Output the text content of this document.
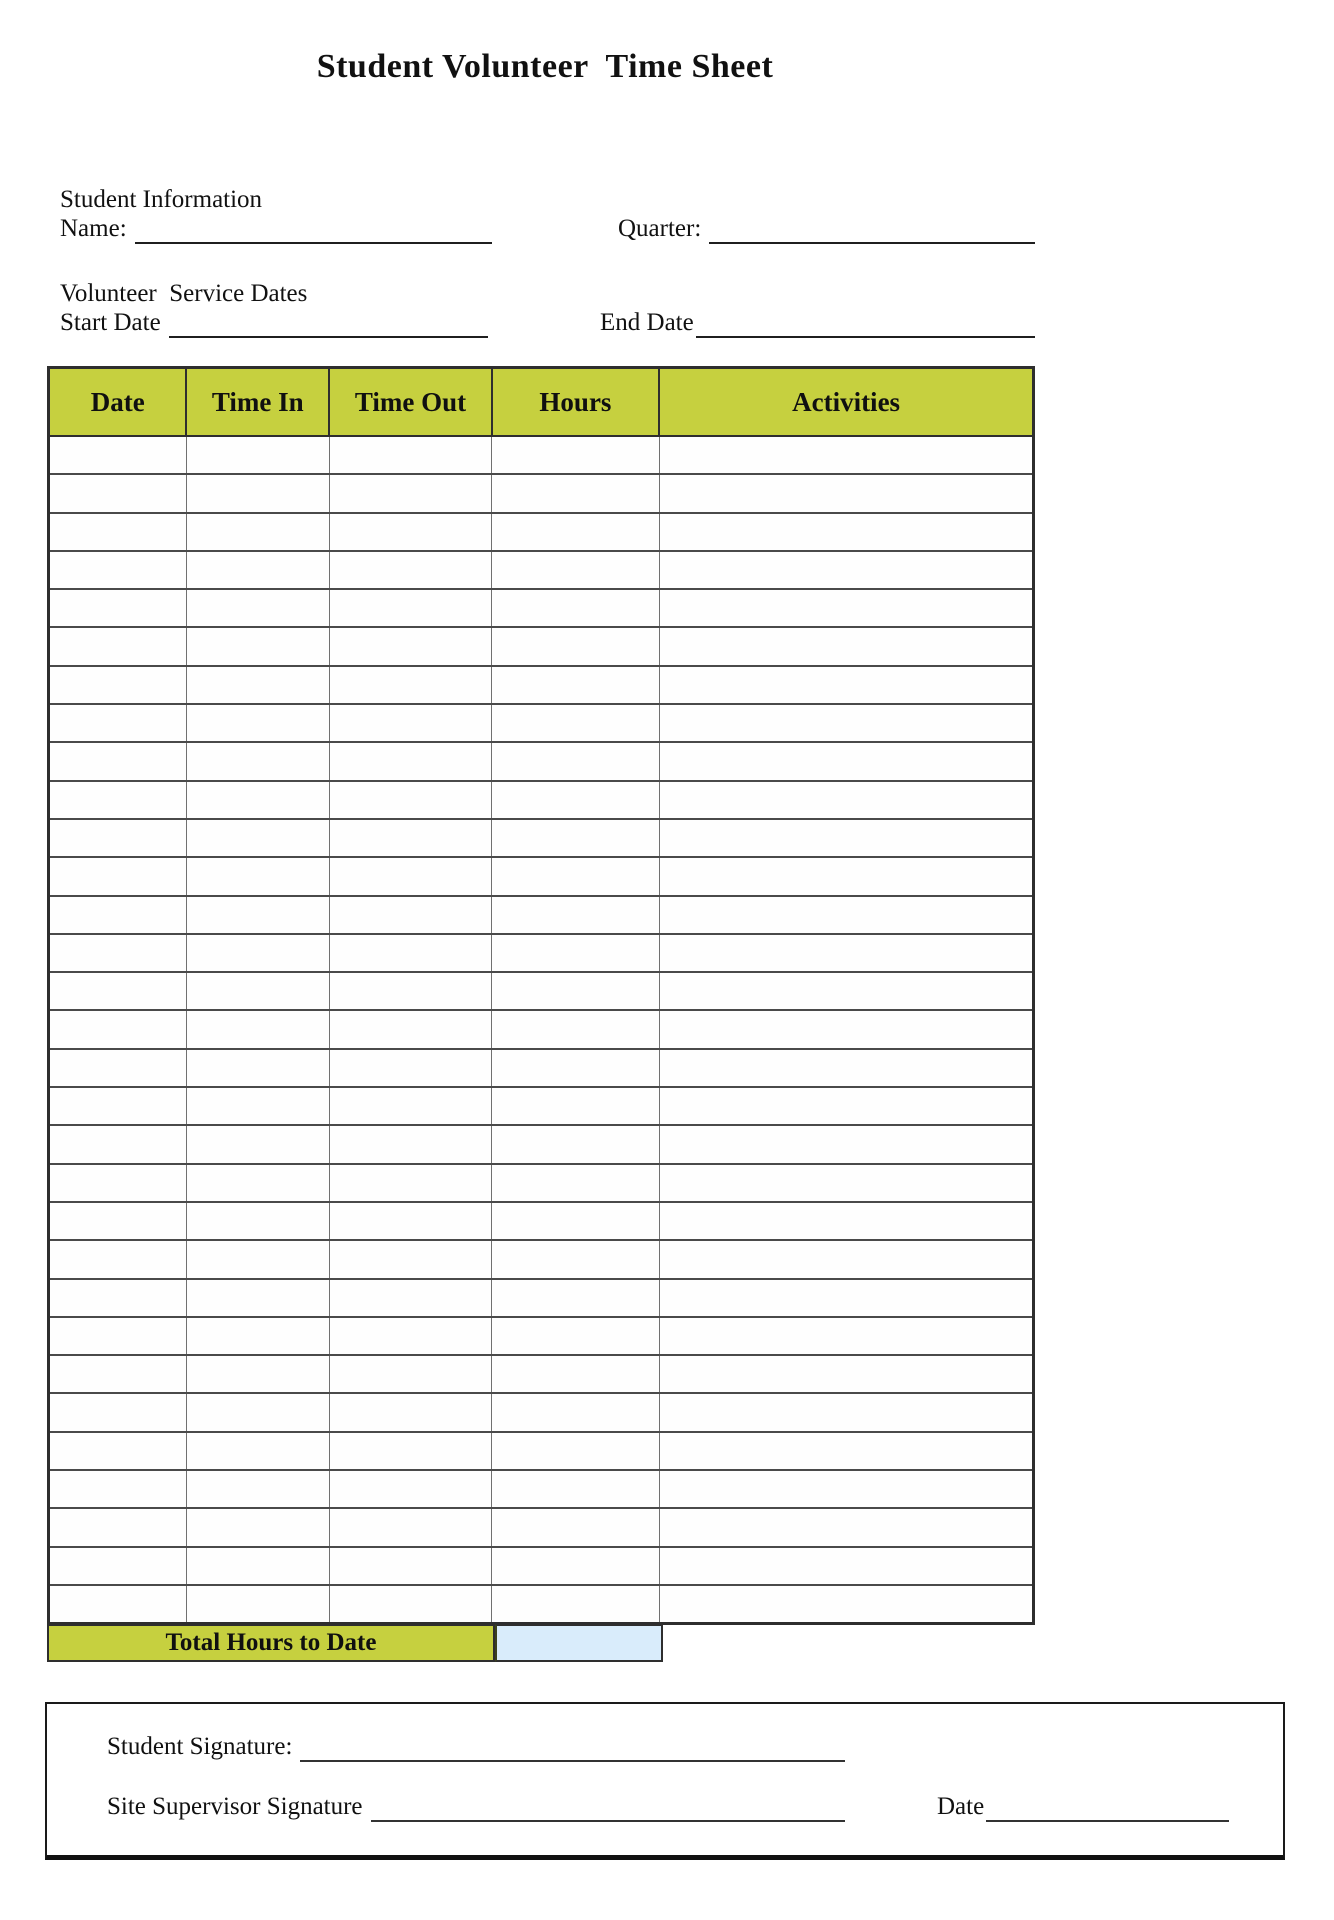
Student Volunteer  Time Sheet
Student Information
Name:	Quarter:
Volunteer  Service Dates
Start Date	End Date
Date	Time In	Time Out	Hours	Activities

Total Hours to Date
Student Signature:
Site Supervisor Signature	Date
